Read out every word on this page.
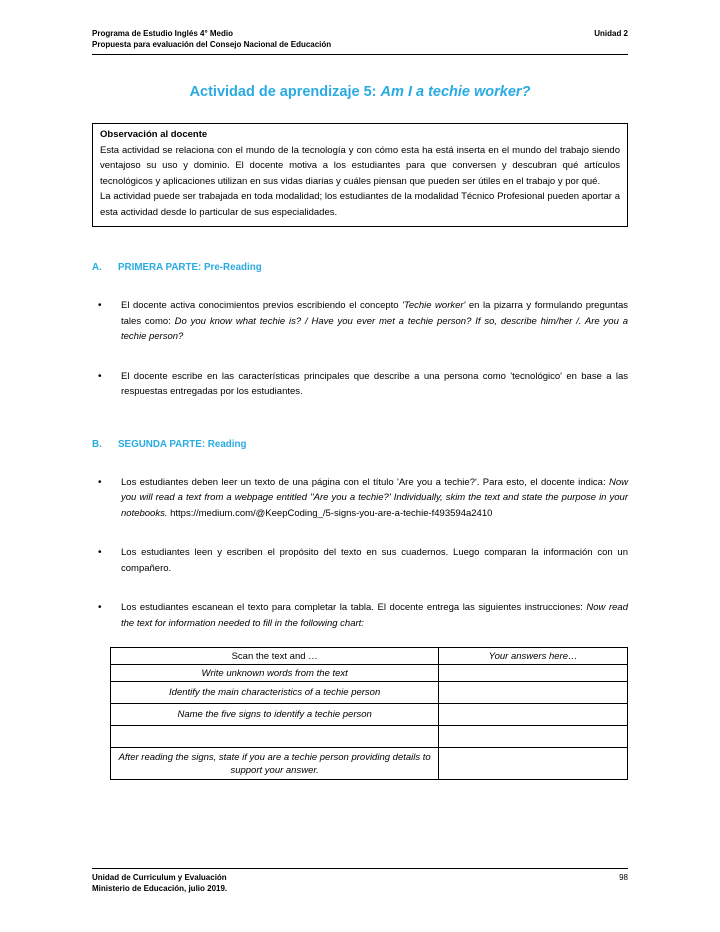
Programa de Estudio Inglés 4° Medio
Propuesta para evaluación del Consejo Nacional de Educación
Unidad 2
Actividad de aprendizaje 5: Am I a techie worker?
Observación al docente

Esta actividad se relaciona con el mundo de la tecnología y con cómo esta ha está inserta en el mundo del trabajo siendo ventajoso su uso y dominio. El docente motiva a los estudiantes para que conversen y descubran qué artículos tecnológicos y aplicaciones utilizan en sus vidas diarias y cuáles piensan que pueden ser útiles en el trabajo y por qué.

La actividad puede ser trabajada en toda modalidad; los estudiantes de la modalidad Técnico Profesional pueden aportar a esta actividad desde lo particular de sus especialidades.

A. PRIMERA PARTE: Pre-Reading
• El docente activa conocimientos previos escribiendo el concepto 'Techie worker' en la pizarra y formulando preguntas tales como: Do you know what techie is? / Have you ever met a techie person? If so, describe him/her /. Are you a techie person?
• El docente escribe en las características principales que describe a una persona como 'tecnológico' en base a las respuestas entregadas por los estudiantes.
B. SEGUNDA PARTE: Reading
• Los estudiantes deben leer un texto de una página con el título 'Are you a techie?'. Para esto, el docente indica: Now you will read a text from a webpage entitled ''Are you a techie?' Individually, skim the text and state the purpose in your notebooks. https://medium.com/@KeepCoding_/5-signs-you-are-a-techie-f493594a2410
• Los estudiantes leen y escriben el propósito del texto en sus cuadernos. Luego comparan la información con un compañero.
• Los estudiantes escanean el texto para completar la tabla. El docente entrega las siguientes instrucciones: Now read the text for information needed to fill in the following chart:
Scan the text and …	Your answers here…
Write unknown words from the text	
Identify the main characteristics of a techie person	
Name the five signs to identify a techie person	

After reading the signs, state if you are a techie person providing details to support your answer.	
Unidad de Curriculum y Evaluación
Ministerio de Educación, julio 2019.
98
